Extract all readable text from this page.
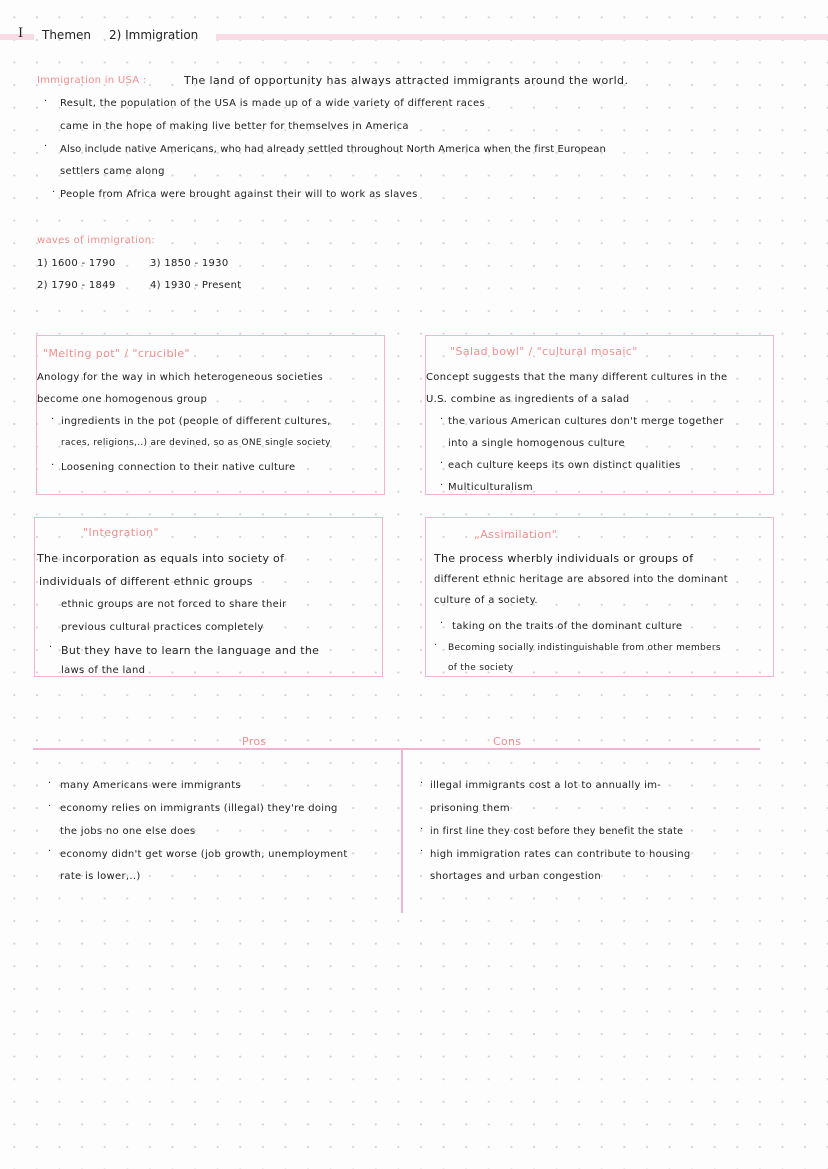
Ⅰ Themen 2) Immigration
Immigration in USA :	The land of opportunity has always attracted immigrants around the world.
· Result, the population of the USA is made up of a wide variety of different races
came in the hope of making live better for themselves in America
· Also include native Americans, who had already settled throughout North America when the first European
settlers came along
· People from Africa were brought against their will to work as slaves
waves of immigration:
1) 1600 - 1790	3) 1850 - 1930
2) 1790 - 1849	4) 1930 - Present
"Melting pot" / "crucible"
Anology for the way in which heterogeneous societies
become one homogenous group
· ingredients in the pot (people of different cultures,
races, religions,..) are devined, so as ONE single society
· Loosening connection to their native culture
"Salad bowl" / "cultural mosaic"
Concept suggests that the many different cultures in the
U.S. combine as ingredients of a salad
· the various American cultures don't merge together
into a single homogenous culture
· each culture keeps its own distinct qualities
· Multiculturalism
"Integration"
The incorporation as equals into society of
individuals of different ethnic groups
ethnic groups are not forced to share their
previous cultural practices completely
· But they have to learn the language and the
laws of the land
„Assimilation"
The process wherbly individuals or groups of
different ethnic heritage are absored into the dominant
culture of a society.
· taking on the traits of the dominant culture
· Becoming socially indistinguishable from other members
of the society
Pros	Cons
· many Americans were immigrants
· economy relies on immigrants (illegal) they're doing
the jobs no one else does
· economy didn't get worse (job growth, unemployment
rate is lower,..)
· illegal immigrants cost a lot to annually im-
prisoning them
· in first line they cost before they benefit the state
· high immigration rates can contribute to housing
shortages and urban congestion
